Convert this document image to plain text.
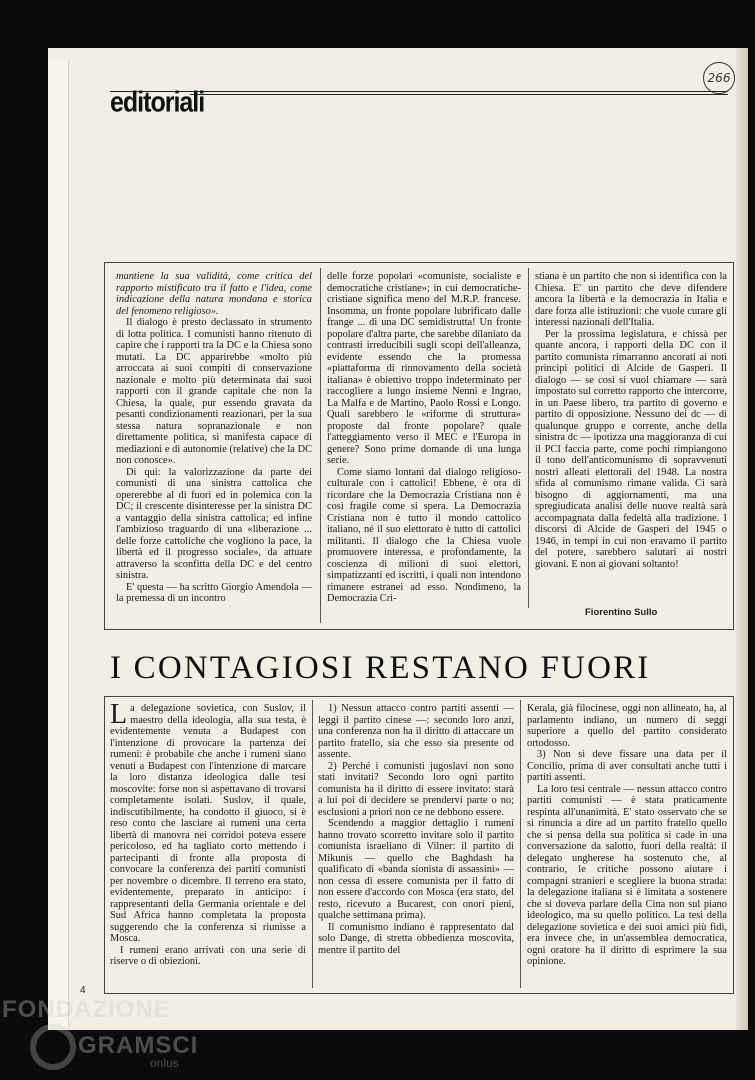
editoriali
266

mantiene la sua validità, come critica del rapporto mistificato tra il fatto e l'idea, come indicazione della natura mondana e storica del fenomeno religioso».

Il dialogo è presto declassato in strumento di lotta politica. I comunisti hanno ritenuto di capire che i rapporti tra la DC e la Chiesa sono mutati. La DC apparirebbe «molto più arroccata ai suoi compiti di conservazione nazionale e molto più determinata dai suoi rapporti con il grande capitale che non la Chiesa, la quale, pur essendo gravata da pesanti condizionamenti reazionari, per la sua stessa natura sopranazionale e non direttamente politica, si manifesta capace di mediazioni e di autonomie (relative) che la DC non conosce».

Di qui: la valorizzazione da parte dei comunisti di una sinistra cattolica che opererebbe al di fuori ed in polemica con la DC; il crescente disinteresse per la sinistra DC a vantaggio della sinistra cattolica; ed infine l'ambizioso traguardo di una «liberazione ... delle forze cattoliche che vogliono la pace, la libertà ed il progresso sociale», da attuare attraverso la sconfitta della DC e del centro sinistra.

E' questa — ha scritto Giorgio Amendola — la premessa di un incontro

delle forze popolari «comuniste, socialiste e democratiche cristiane»; in cui democratiche-cristiane significa meno del M.R.P. francese. Insomma, un fronte popolare lubrificato dalle frange ... di una DC semidistrutta! Un fronte popolare d'altra parte, che sarebbe dilaniato da contrasti irreducibili sugli scopi dell'alleanza, evidente essendo che la promessa «piattaforma di rinnovamento della società italiana» è obiettivo troppo indeterminato per raccogliere a lungo insieme Nenni e Ingrao, La Malfa e de Martino, Paolo Rossi e Longo. Quali sarebbero le «riforme di struttura» proposte dal fronte popolare? quale l'atteggiamento verso il MEC e l'Europa in genere? Sono prime domande di una lunga serie.

Come siamo lontani dal dialogo religioso-culturale con i cattolici! Ebbene, è ora di ricordare che la Democrazia Cristiana non è così fragile come si spera. La Democrazia Cristiana non è tutto il mondo cattolico italiano, né il suo elettorato è tutto di cattolici militanti. Il dialogo che la Chiesa vuole promuovere interessa, e profondamente, la coscienza di milioni di suoi elettori, simpatizzanti ed iscritti, i quali non intendono rimanere estranei ad esso. Nondimeno, la Democrazia Cri-

stiana è un partito che non si identifica con la Chiesa. E' un partito che deve difendere ancora la libertà e la democrazia in Italia e dare forza alle istituzioni: che vuole curare gli interessi nazionali dell'Italia.

Per la prossima legislatura, e chissà per quante ancora, i rapporti della DC con il partito comunista rimarranno ancorati ai noti princìpi politici di Alcide de Gasperi. Il dialogo — se così si vuol chiamare — sarà impostato sul corretto rapporto che intercorre, in un Paese libero, tra partito di governo e partito di opposizione. Nessuno dei dc — di qualunque gruppo e corrente, anche della sinistra dc — ipotizza una maggioranza di cui il PCI faccia parte, come pochi rimpiangono il tono dell'anticomunismo di sopravvenuti nostri alleati elettorali del 1948. La nostra sfida al comunismo rimane valida. Ci sarà bisogno di aggiornamenti, ma una spregiudicata analisi delle nuove realtà sarà accompagnata dalla fedeltà alla tradizione. I discorsi di Alcide de Gasperi del 1945 o 1946, in tempi in cui non eravamo il partito del potere, sarebbero salutari ai nostri giovani. E non ai giovani soltanto!

Fiorentino Sullo
I CONTAGIOSI RESTANO FUORI

La delegazione sovietica, con Suslov, il maestro della ideologia, alla sua testa, è evidentemente venuta a Budapest con l'intenzione di provocare la partenza dei rumeni: è probabile che anche i rumeni siano venuti a Budapest con l'intenzione di marcare la loro distanza ideologica dalle tesi moscovite: forse non si aspettavano di trovarsi completamente isolati. Suslov, il quale, indiscutibilmente, ha condotto il giuoco, si è reso conto che lasciare ai rumeni una certa libertà di manovra nei corridoi poteva essere pericoloso, ed ha tagliato corto mettendo i partecipanti di fronte alla proposta di convocare la conferenza dei partiti comunisti per novembre o dicembre. Il terreno era stato, evidentemente, preparato in anticipo: i rappresentanti della Germania orientale e del Sud Africa hanno completata la proposta suggerendo che la conferenza si riunisse a Mosca.

I rumeni erano arrivati con una serie di riserve o di obiezioni.

1) Nessun attacco contro partiti assenti — leggi il partito cinese —: secondo loro anzi, una conferenza non ha il diritto di attaccare un partito fratello, sia che esso sia presente od assente.

2) Perché i comunisti jugoslavi non sono stati invitati? Secondo loro ogni partito comunista ha il diritto di essere invitato: starà a lui poi di decidere se prendervi parte o no; esclusioni a priori non ce ne debbono essere.

Scendendo a maggior dettaglio i rumeni hanno trovato scorretto invitare solo il partito comunista israeliano di Vilner: il partito di Mikunis — quello che Baghdash ha qualificato di «banda sionista di assassini» — non cessa di essere comunista per il fatto di non essere d'accordo con Mosca (era stato, del resto, ricevuto a Bucarest, con onori pieni, qualche settimana prima).

Il comunismo indiano è rappresentato dal solo Dange, di stretta obbedienza moscovita, mentre il partito del

Kerala, già filocinese, oggi non allineato, ha, al parlamento indiano, un numero di seggi superiore a quello del partito considerato ortodosso.

3) Non si deve fissare una data per il Concilio, prima di aver consultati anche tutti i partiti assenti.

La loro tesi centrale — nessun attacco contro partiti comunisti — è stata praticamente respinta all'unanimità. E' stato osservato che se si rinuncia a dire ad un partito fratello quello che si pensa della sua politica si cade in una conversazione da salotto, fuori della realtà: il delegato ungherese ha sostenuto che, al contrario, le critiche possono aiutare i compagni stranieri e scegliere la buona strada: la delegazione italiana si è limitata a sostenere che si doveva parlare della Cina non sul piano ideologico, ma su quello politico. La tesi della delegazione sovietica e dei suoi amici più fidi, era invece che, in un'assemblea democratica, ogni oratore ha il diritto di esprimere la sua opinione.

4
FONDAZIONE
GRAMSCI
onlus
